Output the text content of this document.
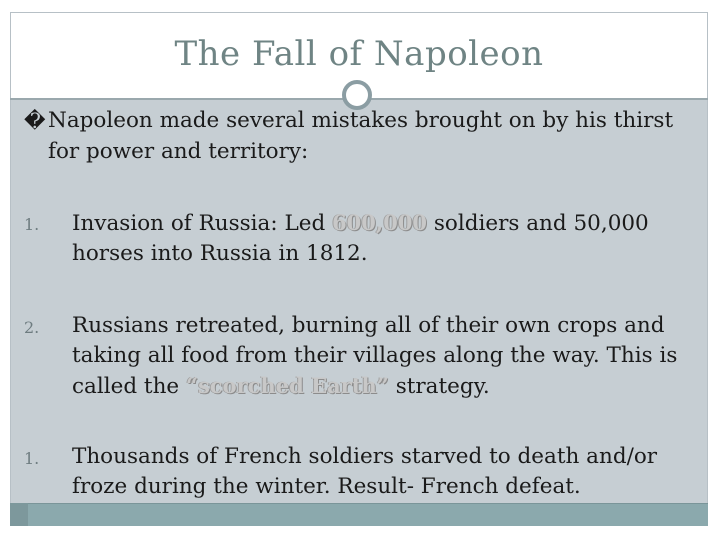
The Fall of Napoleon
� Napoleon made several mistakes brought on by his thirst
for power and territory:
1. Invasion of Russia: Led 600,000 soldiers and 50,000
horses into Russia in 1812.
2. Russians retreated, burning all of their own crops and
taking all food from their villages along the way. This is
called the “scorched Earth” strategy.
1. Thousands of French soldiers starved to death and/or
froze during the winter. Result- French defeat.
